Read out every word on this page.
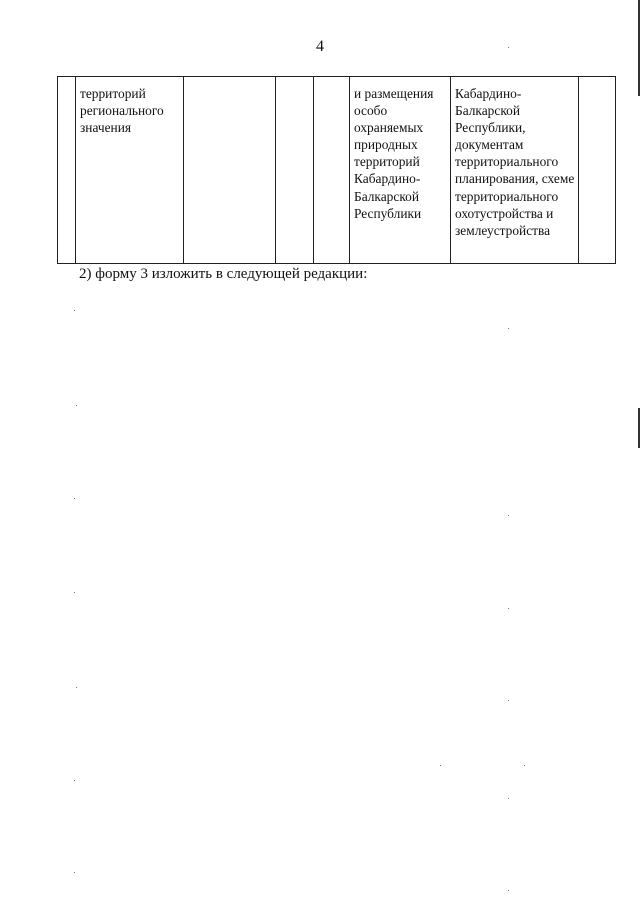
4
	территорий регионального значения				и размещения особо охраняемых природных территорий Кабардино-Балкарской Республики	Кабардино-Балкарской Республики, документам территориального планирования, схеме территориального охотустройства и землеустройства	
2) форму 3 изложить в следующей редакции:
